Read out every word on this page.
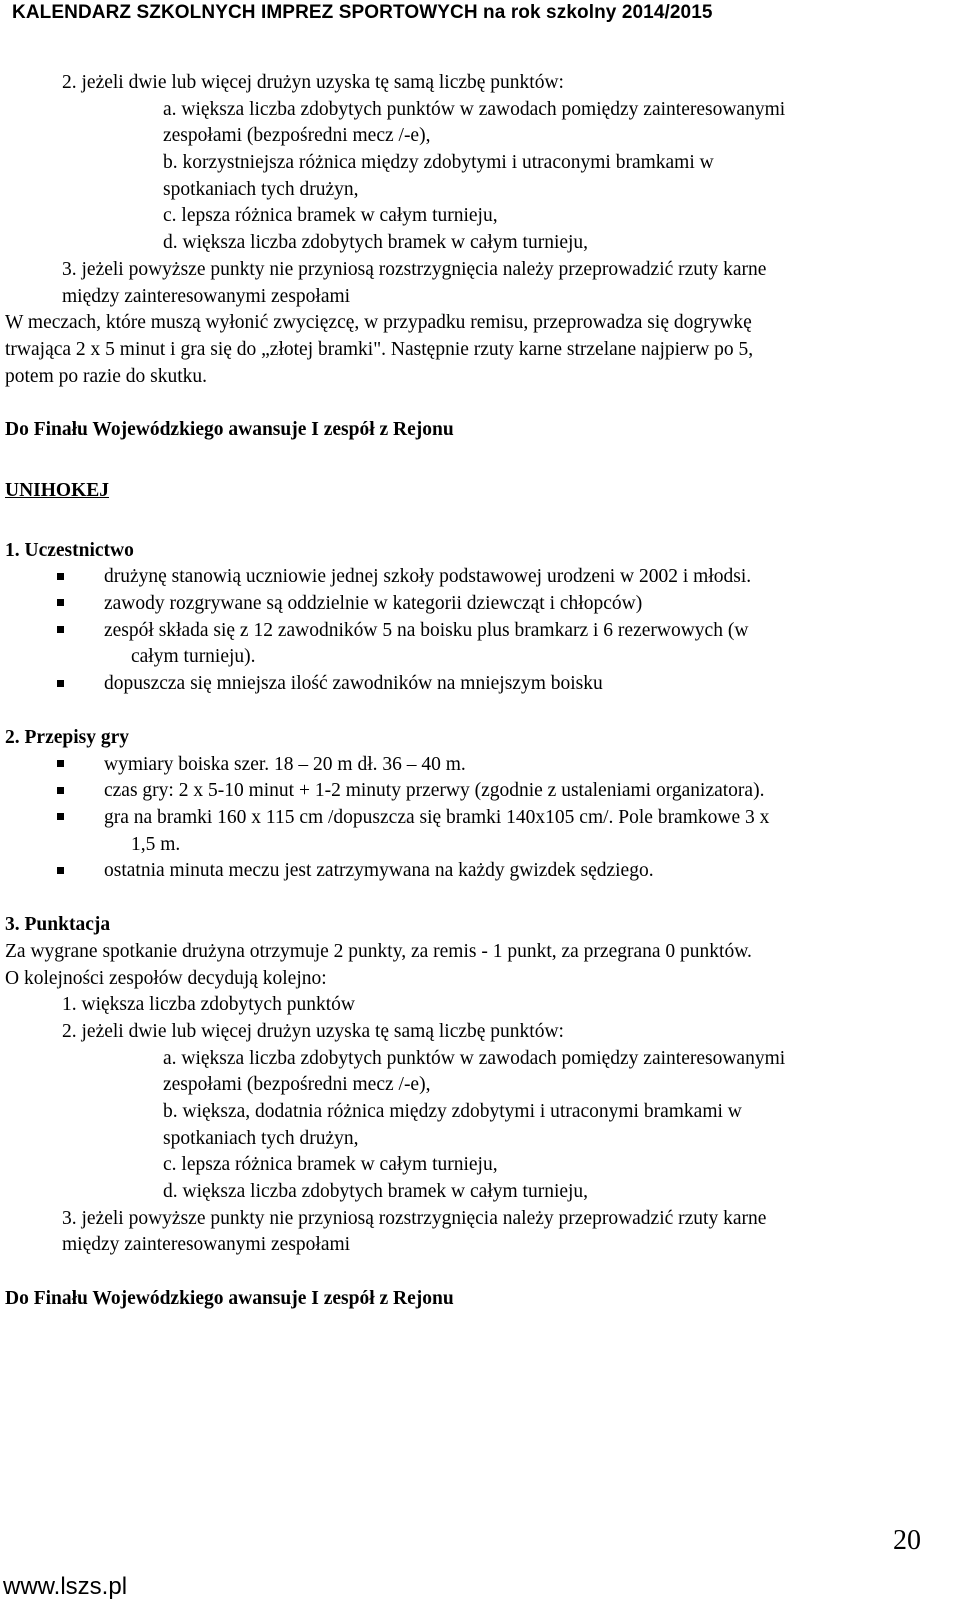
KALENDARZ SZKOLNYCH IMPREZ SPORTOWYCH na rok szkolny 2014/2015
2. jeżeli dwie lub więcej drużyn uzyska tę samą liczbę punktów:
a. większa liczba zdobytych punktów w zawodach pomiędzy zainteresowanymi
zespołami (bezpośredni mecz /-e),
b. korzystniejsza różnica między zdobytymi i utraconymi bramkami w
spotkaniach tych drużyn,
c. lepsza różnica bramek w całym turnieju,
d. większa liczba zdobytych bramek w całym turnieju,
3. jeżeli powyższe punkty nie przyniosą rozstrzygnięcia należy przeprowadzić rzuty karne
między zainteresowanymi zespołami
W meczach, które muszą wyłonić zwycięzcę, w przypadku remisu, przeprowadza się dogrywkę
trwająca 2 x 5 minut i gra się do „złotej bramki". Następnie rzuty karne strzelane najpierw po 5,
potem po razie do skutku.
Do Finału Wojewódzkiego awansuje I zespół z Rejonu
UNIHOKEJ
1. Uczestnictwo
drużynę stanowią uczniowie jednej szkoły podstawowej urodzeni w 2002 i młodsi.
zawody rozgrywane są oddzielnie w kategorii dziewcząt i chłopców)
zespół składa się z 12 zawodników 5 na boisku plus bramkarz i 6 rezerwowych (w
całym turnieju).
dopuszcza się mniejsza ilość zawodników na mniejszym boisku
2. Przepisy gry
wymiary boiska szer. 18 – 20 m dł. 36 – 40 m.
czas gry: 2 x 5-10 minut + 1-2 minuty przerwy (zgodnie z ustaleniami organizatora).
gra na bramki 160 x 115 cm /dopuszcza się bramki 140x105 cm/. Pole bramkowe 3 x
1,5 m.
ostatnia minuta meczu jest zatrzymywana na każdy gwizdek sędziego.
3. Punktacja
Za wygrane spotkanie drużyna otrzymuje 2 punkty, za remis - 1 punkt, za przegrana 0 punktów.
O kolejności zespołów decydują kolejno:
1. większa liczba zdobytych punktów
2. jeżeli dwie lub więcej drużyn uzyska tę samą liczbę punktów:
a. większa liczba zdobytych punktów w zawodach pomiędzy zainteresowanymi
zespołami (bezpośredni mecz /-e),
b. większa, dodatnia różnica między zdobytymi i utraconymi bramkami w
spotkaniach tych drużyn,
c. lepsza różnica bramek w całym turnieju,
d. większa liczba zdobytych bramek w całym turnieju,
3. jeżeli powyższe punkty nie przyniosą rozstrzygnięcia należy przeprowadzić rzuty karne
między zainteresowanymi zespołami
Do Finału Wojewódzkiego awansuje I zespół z Rejonu
20
www.lszs.pl
